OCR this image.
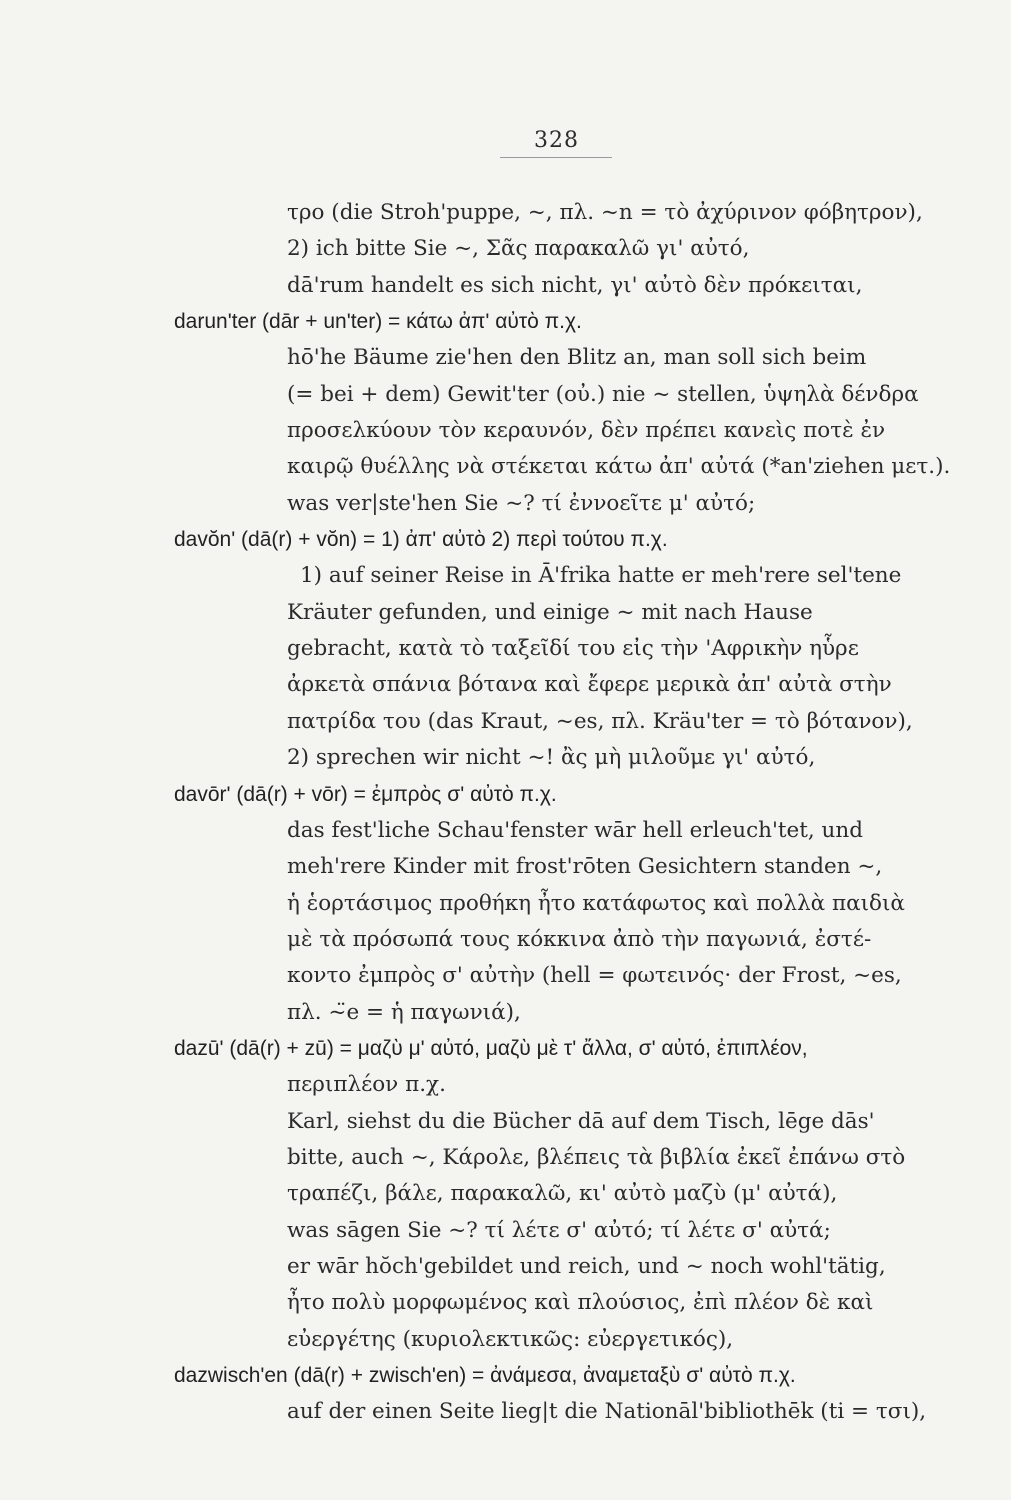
328
τρο (die Stroh'puppe, ~, πλ. ~n = τὸ ἀχύρινον φόβητρον),
2) ich bitte Sie ~, Σᾶς παρακαλῶ γι' αὐτό,
dā'rum handelt es sich nicht, γι' αὐτὸ δὲν πρόκειται,
darun'ter (dār + un'ter) = κάτω ἀπ' αὐτὸ π.χ.
hō'he Bäume zie'hen den Blitz an, man soll sich beim
(= bei + dem) Gewit'ter (οὐ.) nie ~ stellen, ὑψηλὰ δένδρα
προσελκύουν τὸν κεραυνόν, δὲν πρέπει κανεὶς ποτὲ ἐν
καιρῷ θυέλλης νὰ στέκεται κάτω ἀπ' αὐτά (*an'ziehen μετ.).
was ver|ste'hen Sie ~? τί ἐννοεῖτε μ' αὐτό;
davŏn' (dā(r) + vŏn) = 1) ἀπ' αὐτὸ 2) περὶ τούτου π.χ.
1) auf seiner Reise in Ā'frika hatte er meh'rere sel'tene
Kräuter gefunden, und einige ~ mit nach Hause
gebracht, κατὰ τὸ ταξεῖδί του εἰς τὴν 'Αφρικὴν ηὗρε
ἀρκετὰ σπάνια βότανα καὶ ἔφερε μερικὰ ἀπ' αὐτὰ στὴν
πατρίδα του (das Kraut, ~es, πλ. Kräu'ter = τὸ βότανον),
2) sprechen wir nicht ~! ἂς μὴ μιλοῦμε γι' αὐτό,
davōr' (dā(r) + vōr) = ἐμπρὸς σ' αὐτὸ π.χ.
das fest'liche Schau'fenster wār hell erleuch'tet, und
meh'rere Kinder mit frost'rōten Gesichtern standen ~,
ἡ ἑορτάσιμος προθήκη ἦτο κατάφωτος καὶ πολλὰ παιδιὰ
μὲ τὰ πρόσωπά τους κόκκινα ἀπὸ τὴν παγωνιά, ἐστέ-
κοντο ἐμπρὸς σ' αὐτὴν (hell = φωτεινός· der Frost, ~es,
πλ. ~̈e = ἡ παγωνιά),
dazū' (dā(r) + zū) = μαζὺ μ' αὐτό, μαζὺ μὲ τ' ἄλλα, σ' αὐτό, ἐπιπλέον,
περιπλέον π.χ.
Karl, siehst du die Bücher dā auf dem Tisch, lēge dās'
bitte, auch ~, Κάρολε, βλέπεις τὰ βιβλία ἐκεῖ ἐπάνω στὸ
τραπέζι, βάλε, παρακαλῶ, κι' αὐτὸ μαζὺ (μ' αὐτά),
was sāgen Sie ~? τί λέτε σ' αὐτό; τί λέτε σ' αὐτά;
er wār hŏch'gebildet und reich, und ~ noch wohl'tätig,
ἦτο πολὺ μορφωμένος καὶ πλούσιος, ἐπὶ πλέον δὲ καὶ
εὐεργέτης (κυριολεκτικῶς: εὐεργετικός),
dazwisch'en (dā(r) + zwisch'en) = ἀνάμεσα, ἀναμεταξὺ σ' αὐτὸ π.χ.
auf der einen Seite lieg|t die Nationāl'bibliothēk (ti = τσι),
